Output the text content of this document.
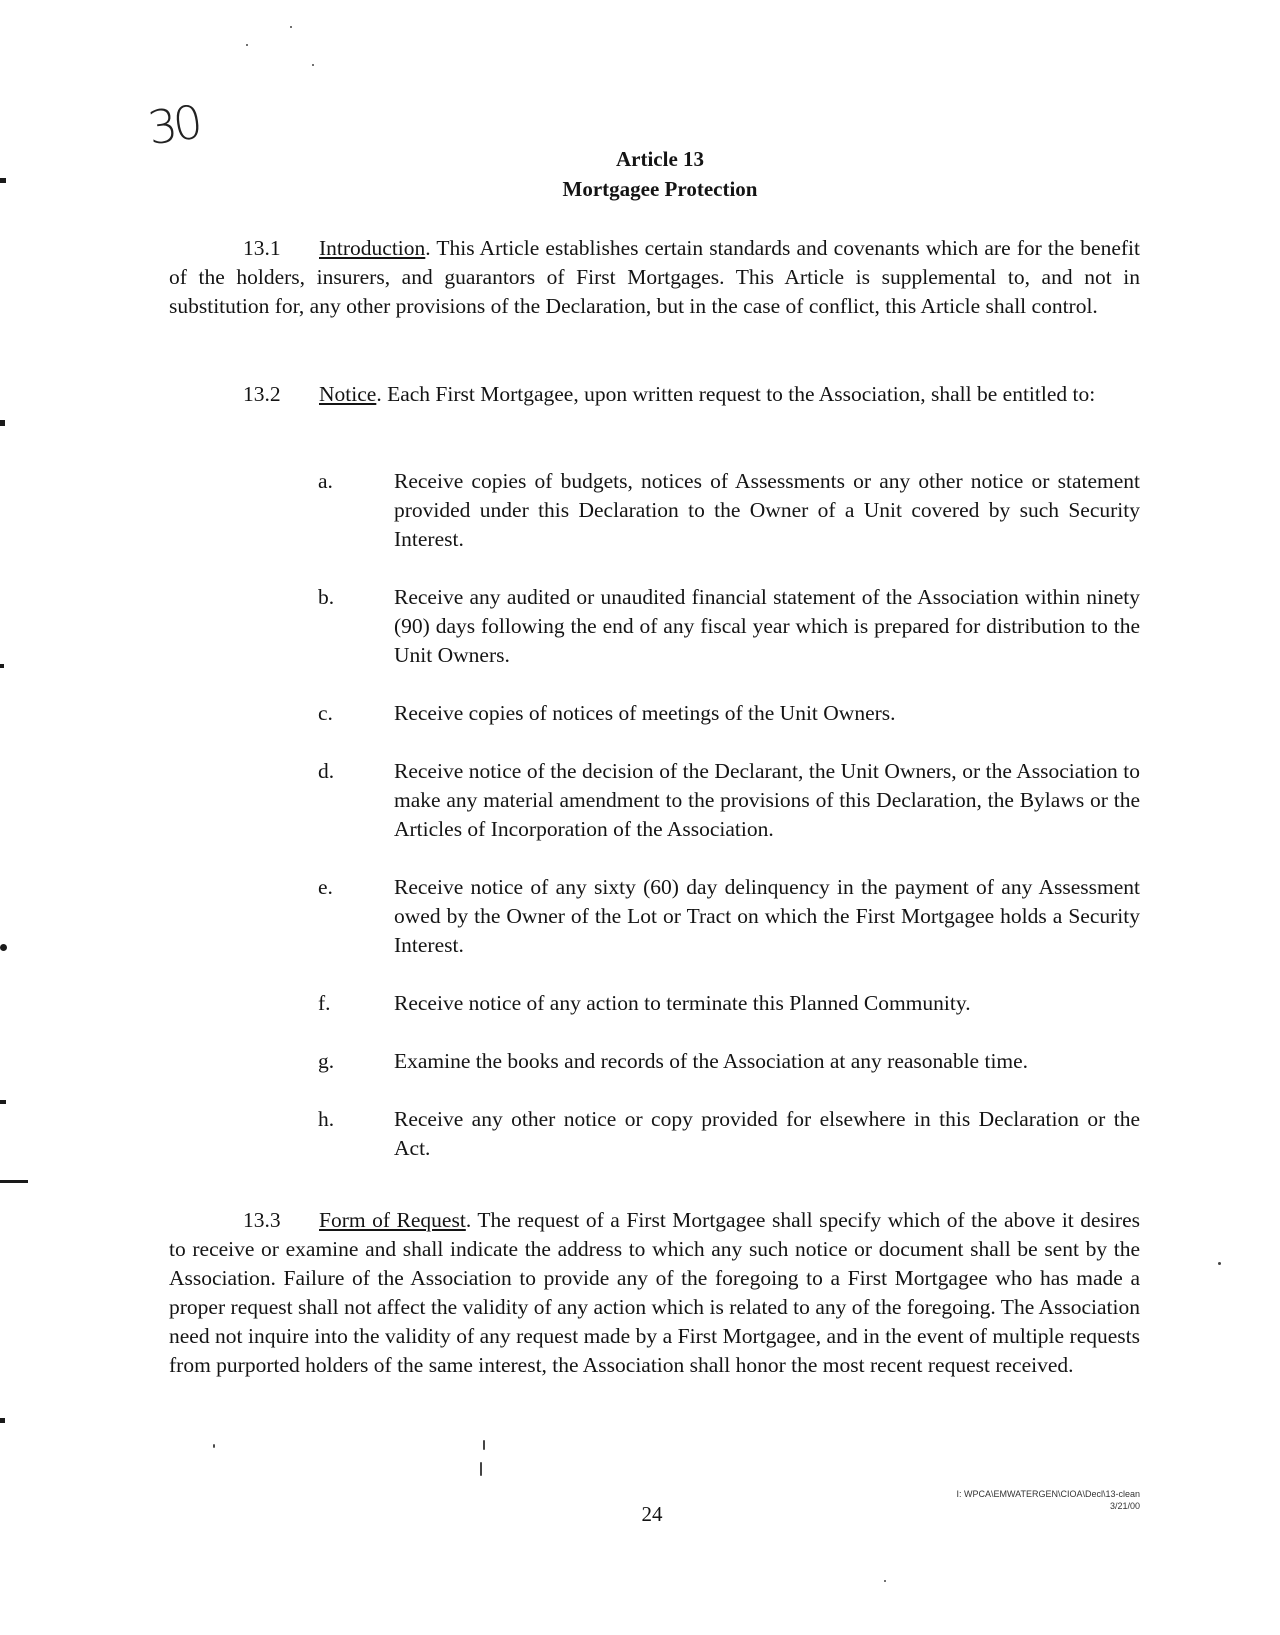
30
Article 13
Mortgagee Protection
13.1 Introduction. This Article establishes certain standards and covenants which are for the benefit of the holders, insurers, and guarantors of First Mortgages. This Article is supplemental to, and not in substitution for, any other provisions of the Declaration, but in the case of conflict, this Article shall control.
13.2 Notice. Each First Mortgagee, upon written request to the Association, shall be entitled to:
a.	Receive copies of budgets, notices of Assessments or any other notice or statement provided under this Declaration to the Owner of a Unit covered by such Security Interest.
b.	Receive any audited or unaudited financial statement of the Association within ninety (90) days following the end of any fiscal year which is prepared for distribution to the Unit Owners.
c.	Receive copies of notices of meetings of the Unit Owners.
d.	Receive notice of the decision of the Declarant, the Unit Owners, or the Association to make any material amendment to the provisions of this Declaration, the Bylaws or the Articles of Incorporation of the Association.
e.	Receive notice of any sixty (60) day delinquency in the payment of any Assessment owed by the Owner of the Lot or Tract on which the First Mortgagee holds a Security Interest.
f.	Receive notice of any action to terminate this Planned Community.
g.	Examine the books and records of the Association at any reasonable time.
h.	Receive any other notice or copy provided for elsewhere in this Declaration or the Act.
13.3 Form of Request. The request of a First Mortgagee shall specify which of the above it desires to receive or examine and shall indicate the address to which any such notice or document shall be sent by the Association. Failure of the Association to provide any of the foregoing to a First Mortgagee who has made a proper request shall not affect the validity of any action which is related to any of the foregoing. The Association need not inquire into the validity of any request made by a First Mortgagee, and in the event of multiple requests from purported holders of the same interest, the Association shall honor the most recent request received.
I: WPCA\EMWATERGEN\CIOA\Decl\13-clean
3/21/00
24
